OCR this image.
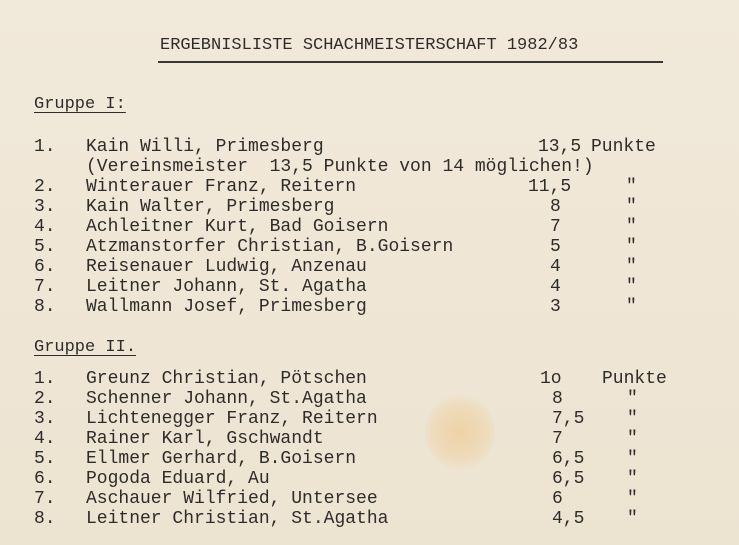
ERGEBNISLISTE SCHACHMEISTERSCHAFT 1982/83
Gruppe I:
1. Kain Willi, Primesberg	13,5 Punkte
(Vereinsmeister  13,5 Punkte von 14 möglichen!)
2. Winterauer Franz, Reitern	11,5	"
3. Kain Walter, Primesberg	8	"
4. Achleitner Kurt, Bad Goisern	7	"
5. Atzmanstorfer Christian, B.Goisern	5	"
6. Reisenauer Ludwig, Anzenau	4	"
7. Leitner Johann, St. Agatha	4	"
8. Wallmann Josef, Primesberg	3	"
Gruppe II.
1. Greunz Christian, Pötschen	1o Punkte
2. Schenner Johann, St.Agatha	8	"
3. Lichtenegger Franz, Reitern	7,5 "
4. Rainer Karl, Gschwandt	7	"
5. Ellmer Gerhard, B.Goisern	6,5 "
6. Pogoda Eduard, Au	6,5 "
7. Aschauer Wilfried, Untersee	6	"
8. Leitner Christian, St.Agatha	4,5 "
